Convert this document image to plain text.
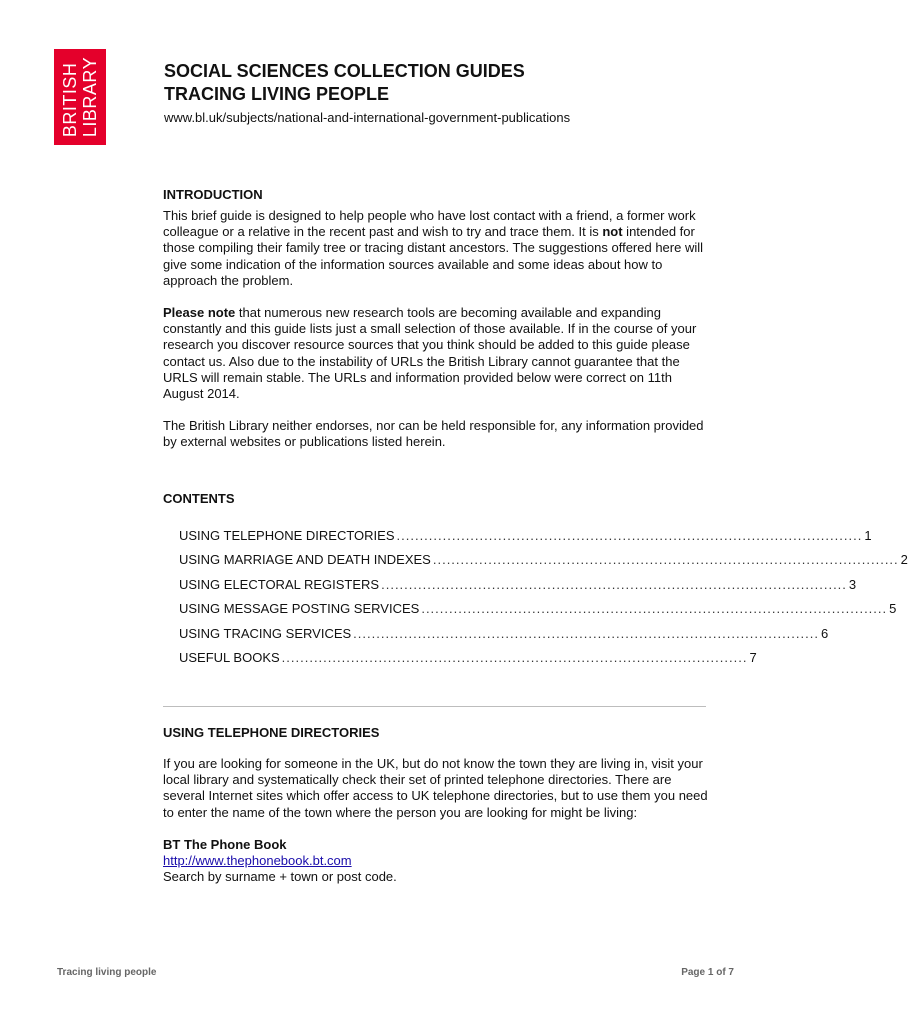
BRITISH LIBRARY	SOCIAL SCIENCES COLLECTION GUIDES
TRACING LIVING PEOPLE
www.bl.uk/subjects/national-and-international-government-publications

INTRODUCTION

This brief guide is designed to help people who have lost contact with a friend, a former work colleague or a relative in the recent past and wish to try and trace them. It is not intended for those compiling their family tree or tracing distant ancestors. The suggestions offered here will give some indication of the information sources available and some ideas about how to approach the problem.

Please note that numerous new research tools are becoming available and expanding constantly and this guide lists just a small selection of those available. If in the course of your research you discover resource sources that you think should be added to this guide please contact us. Also due to the instability of URLs the British Library cannot guarantee that the URLS will remain stable. The URLs and information provided below were correct on 11th August 2014.

The British Library neither endorses, nor can be held responsible for, any information provided by external websites or publications listed herein.

CONTENTS

USING TELEPHONE DIRECTORIES ..................................................................................................... 1
USING MARRIAGE AND DEATH INDEXES ..................................................................................................... 2
USING ELECTORAL REGISTERS ..................................................................................................... 3
USING MESSAGE POSTING SERVICES ..................................................................................................... 5
USING TRACING SERVICES ..................................................................................................... 6
USEFUL BOOKS ..................................................................................................... 7

USING TELEPHONE DIRECTORIES

If you are looking for someone in the UK, but do not know the town they are living in, visit your local library and systematically check their set of printed telephone directories. There are several Internet sites which offer access to UK telephone directories, but to use them you need to enter the name of the town where the person you are looking for might be living:

BT The Phone Book

http://www.thephonebook.bt.com

Search by surname + town or post code.

Tracing living people	Page 1 of 7
